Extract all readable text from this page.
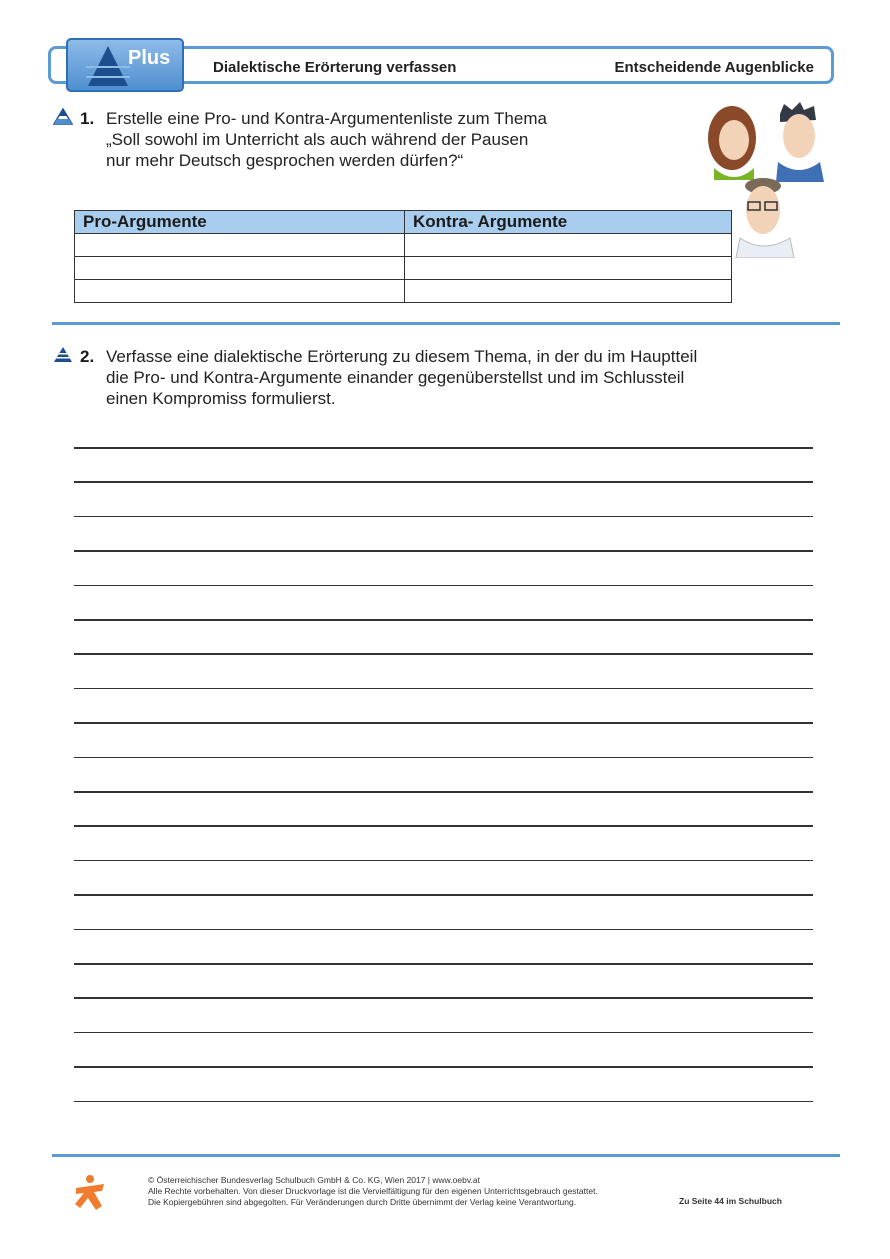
Plus	Dialektische Erörterung verfassen	Entscheidende Augenblicke
1. Erstelle eine Pro- und Kontra-Argumentenliste zum Thema
„Soll sowohl im Unterricht als auch während der Pausen
nur mehr Deutsch gesprochen werden dürfen?“
Pro-Argumente	Kontra- Argumente

2. Verfasse eine dialektische Erörterung zu diesem Thema, in der du im Hauptteil
die Pro- und Kontra-Argumente einander gegenüberstellst und im Schlussteil
einen Kompromiss formulierst.
© Österreichischer Bundesverlag Schulbuch GmbH & Co. KG, Wien 2017 | www.oebv.at
Alle Rechte vorbehalten. Von dieser Druckvorlage ist die Vervielfältigung für den eigenen Unterrichtsgebrauch gestattet.
Die Kopiergebühren sind abgegolten. Für Veränderungen durch Dritte übernimmt der Verlag keine Verantwortung.	Zu Seite 44 im Schulbuch
